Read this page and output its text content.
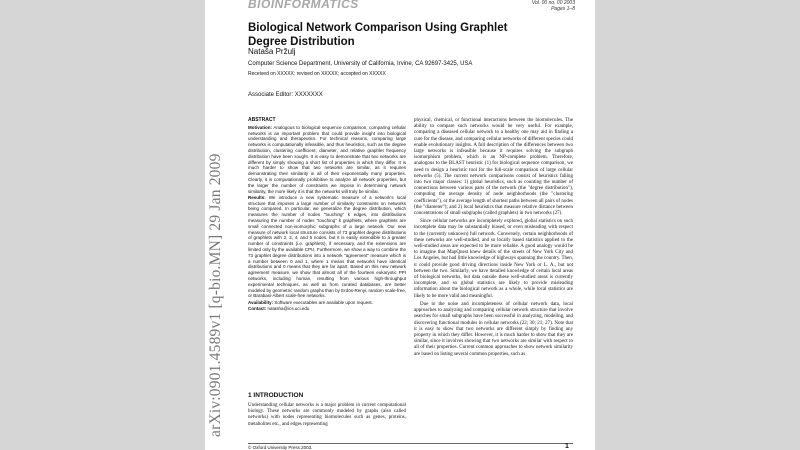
BIOINFORMATICS	Vol. 00 no. 00 2003
Pages 1–8
Biological Network Comparison Using Graphlet Degree Distribution
Nataša Pržulj
Computer Science Department, University of California, Irvine, CA 92697-3425, USA
Received on XXXXX; revised on XXXXX; accepted on XXXXX
Associate Editor: XXXXXXX
ABSTRACT

Motivation: Analogous to biological sequence comparison, comparing cellular networks is an important problem that could provide insight into biological understanding and therapeutics. For technical reasons, comparing large networks is computationally infeasible, and thus heuristics, such as the degree distribution, clustering coefficient, diameter, and relative graphlet frequency distribution have been sought. It is easy to demonstrate that two networks are different by simply showing a short list of properties in which they differ. It is much harder to show that two networks are similar, as it requires demonstrating their similarity in all of their exponentially many properties. Clearly, it is computationally prohibitive to analyze all network properties, but the larger the number of constraints we impose in determining network similarity, the more likely it is that the networks will truly be similar.

Results: We introduce a new systematic measure of a network's local structure that imposes a large number of similarity constraints on networks being compared. In particular, we generalize the degree distribution, which measures the number of nodes "touching" k edges, into distributions measuring the number of nodes "touching" k graphlets, where graphlets are small connected non-isomorphic subgraphs of a large network. Our new measure of network local structure consists of 73 graphlet degree distributions of graphlets with 2, 3, 4, and 5 nodes, but it is easily extendible to a greater number of constraints (i.e. graphlets), if necessary, and the extensions are limited only by the available CPU. Furthermore, we show a way to combine the 73 graphlet degree distributions into a network "agreement" measure which is a number between 0 and 1, where 1 means that networks have identical distributions and 0 means that they are far apart. Based on this new network agreement measure, we show that almost all of the fourteen eukaryotic PPI networks, including human, resulting from various high-throughput experimental techniques, as well as from curated databases, are better modeled by geometric random graphs than by Erdös-Renyi, random scale-free, or Barabasi-Albert scale-free networks.

Availability: Software executables are available upon request.

Contact: natasha@ics.uci.edu

1 INTRODUCTION
Understanding cellular networks is a major problem in current computational biology. These networks are commonly modeled by graphs (also called networks) with nodes representing biomolecules such as genes, proteins, metabolites etc., and edges representing

physical, chemical, or functional interactions between the biomolecules. The ability to compare such networks would be very useful. For example, comparing a diseased cellular network to a healthy one may aid in finding a cure for the disease, and comparing cellular networks of different species could enable evolutionary insights. A full description of the differences between two large networks is infeasible because it requires solving the subgraph isomorphism problem, which is an NP-complete problem. Therefore, analogous to the BLAST heuristic (1) for biological sequence comparison, we need to design a heuristic tool for the full-scale comparison of large cellular networks (5). The current network comparisons consist of heuristics falling into two major classes: 1) global heuristics, such as counting the number of connections between various parts of the network (the "degree distribution"), computing the average density of node neighborhoods (the "clustering coefficients"), or the average length of shortest paths between all pairs of nodes (the "diameter"); and 2) local heuristics that measure relative distance between concentrations of small subgraphs (called graphlets) in two networks (27).

Since cellular networks are incompletely explored, global statistics on such incomplete data may be substantially biased, or even misleading with respect to the (currently unknown) full network. Conversely, certain neighborhoods of these networks are well-studied, and so locally based statistics applied to the well-studied areas are expected to be more reliable. A good analogy would be to imagine that MapQuest knew details of the streets of New York City and Los Angeles, but had little knowledge of highways spanning the country. Then, it could provide good driving directions inside New York or L. A., but not between the two. Similarly, we have detailed knowledge of certain local areas of biological networks, but data outside these well-studied areas is currently incomplete, and so global statistics are likely to provide misleading information about the biological network as a whole, while local statistics are likely to be more valid and meaningful.

Due to the noise and incompleteness of cellular network data, local approaches to analyzing and comparing cellular network structure that involve searches for small subgraphs have been successful in analyzing, modeling, and discovering functional modules in cellular networks (22; 30; 21; 27). Note that it is easy to show that two networks are different simply by finding any property in which they differ. However, it is much harder to show that they are similar, since it involves showing that two networks are similar with respect to all of their properties. Current common approaches to show network similarity are based on listing several common properties, such as

© Oxford University Press 2003.	1
arXiv:0901.4589v1 [q-bio.MN] 29 Jan 2009
